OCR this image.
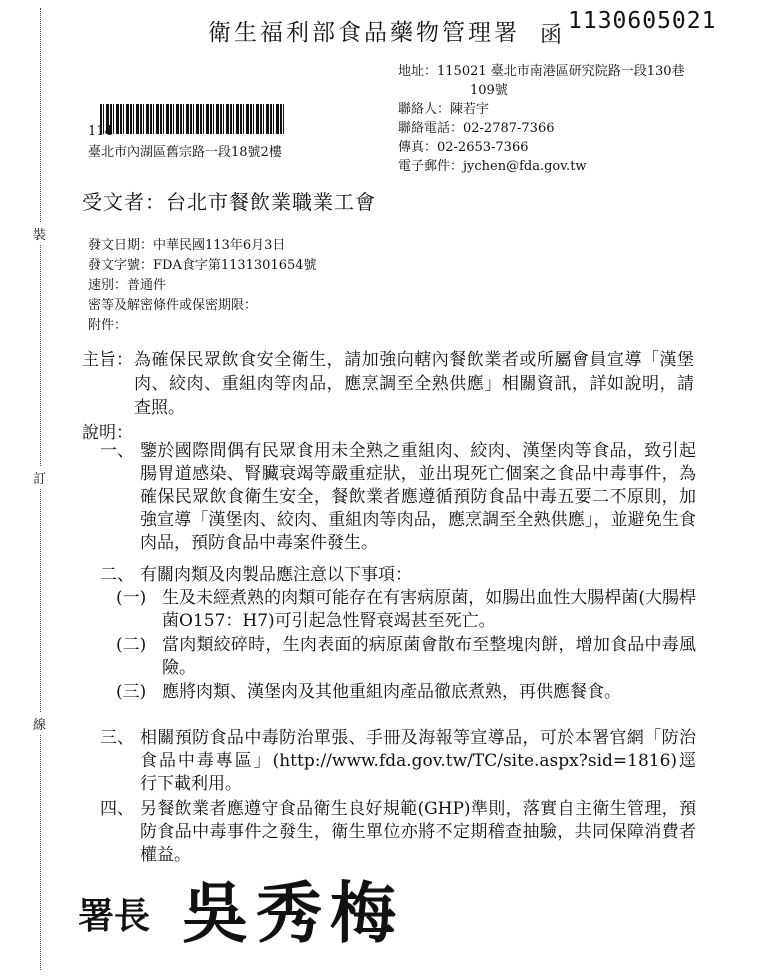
裝
訂
線
衛生福利部食品藥物管理署 函
1130605021
地址：115021 臺北市南港區研究院路一段130巷
109號
聯絡人：陳若宇
聯絡電話：02-2787-7366
傳真：02-2653-7366
電子郵件：jychen@fda.gov.tw
114
臺北市內湖區舊宗路一段18號2樓
受文者：台北市餐飲業職業工會
發文日期：中華民國113年6月3日
發文字號：FDA食字第1131301654號
速別：普通件
密等及解密條件或保密期限：
附件：
主旨： 為確保民眾飲食安全衛生，請加強向轄內餐飲業者或所屬會員宣導「漢堡肉、絞肉、重組肉等肉品，應烹調至全熟供應」相關資訊，詳如說明，請查照。
說明：
一、 鑒於國際間偶有民眾食用未全熟之重組肉、絞肉、漢堡肉等食品，致引起腸胃道感染、腎臟衰竭等嚴重症狀，並出現死亡個案之食品中毒事件，為確保民眾飲食衛生安全，餐飲業者應遵循預防食品中毒五要二不原則，加強宣導「漢堡肉、絞肉、重組肉等肉品，應烹調至全熟供應」，並避免生食肉品，預防食品中毒案件發生。
二、 有關肉類及肉製品應注意以下事項：
(一) 生及未經煮熟的肉類可能存在有害病原菌，如腸出血性大腸桿菌(大腸桿菌O157：H7)可引起急性腎衰竭甚至死亡。
(二) 當肉類絞碎時，生肉表面的病原菌會散布至整塊肉餅，增加食品中毒風險。
(三) 應將肉類、漢堡肉及其他重組肉產品徹底煮熟，再供應餐食。
三、 相關預防食品中毒防治單張、手冊及海報等宣導品，可於本署官網「防治食品中毒專區」(http://www.fda.gov.tw/TC/site.aspx?sid=1816)逕行下載利用。
四、 另餐飲業者應遵守食品衛生良好規範(GHP)準則，落實自主衛生管理，預防食品中毒事件之發生，衛生單位亦將不定期稽查抽驗，共同保障消費者權益。
署長 吳秀梅
